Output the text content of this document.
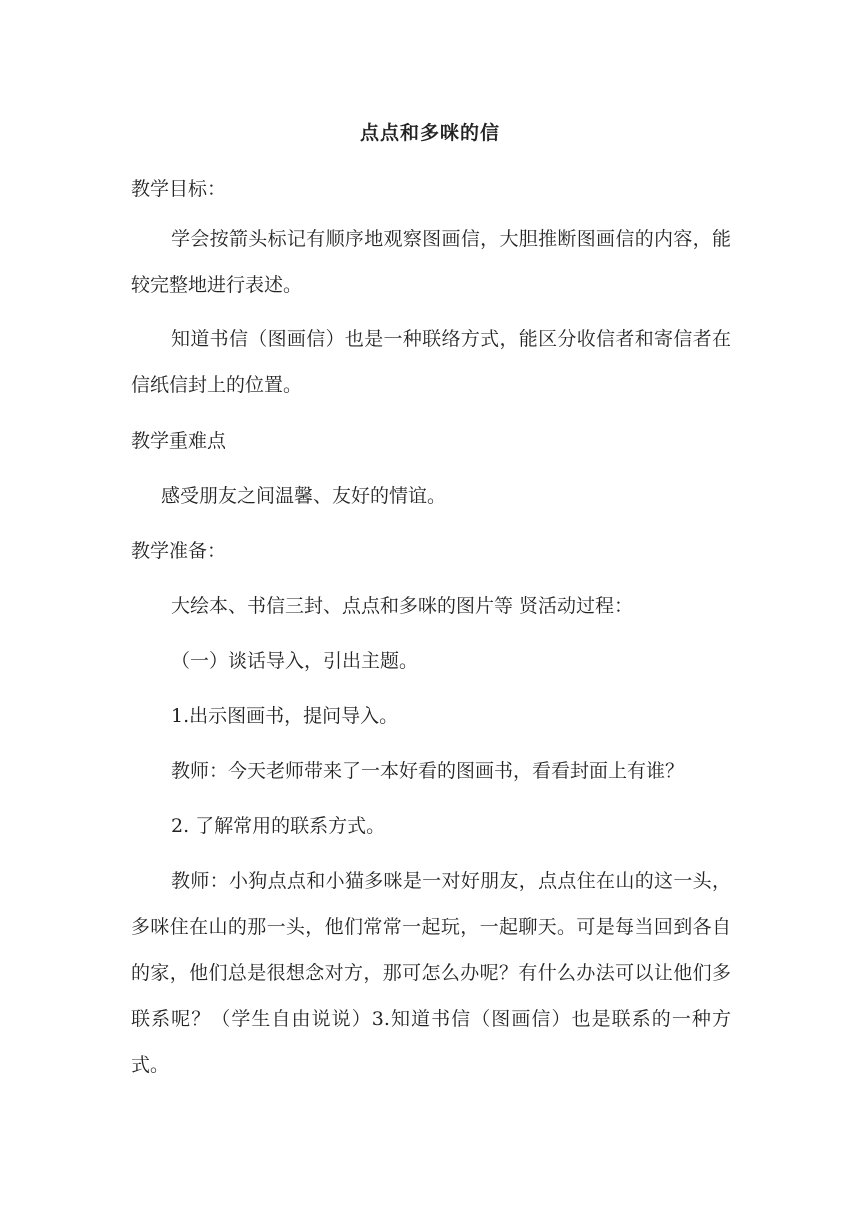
点点和多咪的信
教学目标：
学会按箭头标记有顺序地观察图画信，大胆推断图画信的内容，能较完整地进行表述。
知道书信（图画信）也是一种联络方式，能区分收信者和寄信者在信纸信封上的位置。
教学重难点
感受朋友之间温馨、友好的情谊。
教学准备：
大绘本、书信三封、点点和多咪的图片等 贤活动过程：
（一）谈话导入，引出主题。
1.出示图画书，提问导入。
教师：今天老师带来了一本好看的图画书，看看封面上有谁？
2. 了解常用的联系方式。
教师：小狗点点和小猫多咪是一对好朋友，点点住在山的这一头，多咪住在山的那一头，他们常常一起玩，一起聊天。可是每当回到各自的家，他们总是很想念对方，那可怎么办呢？有什么办法可以让他们多联系呢？（学生自由说说）3.知道书信（图画信）也是联系的一种方式。
